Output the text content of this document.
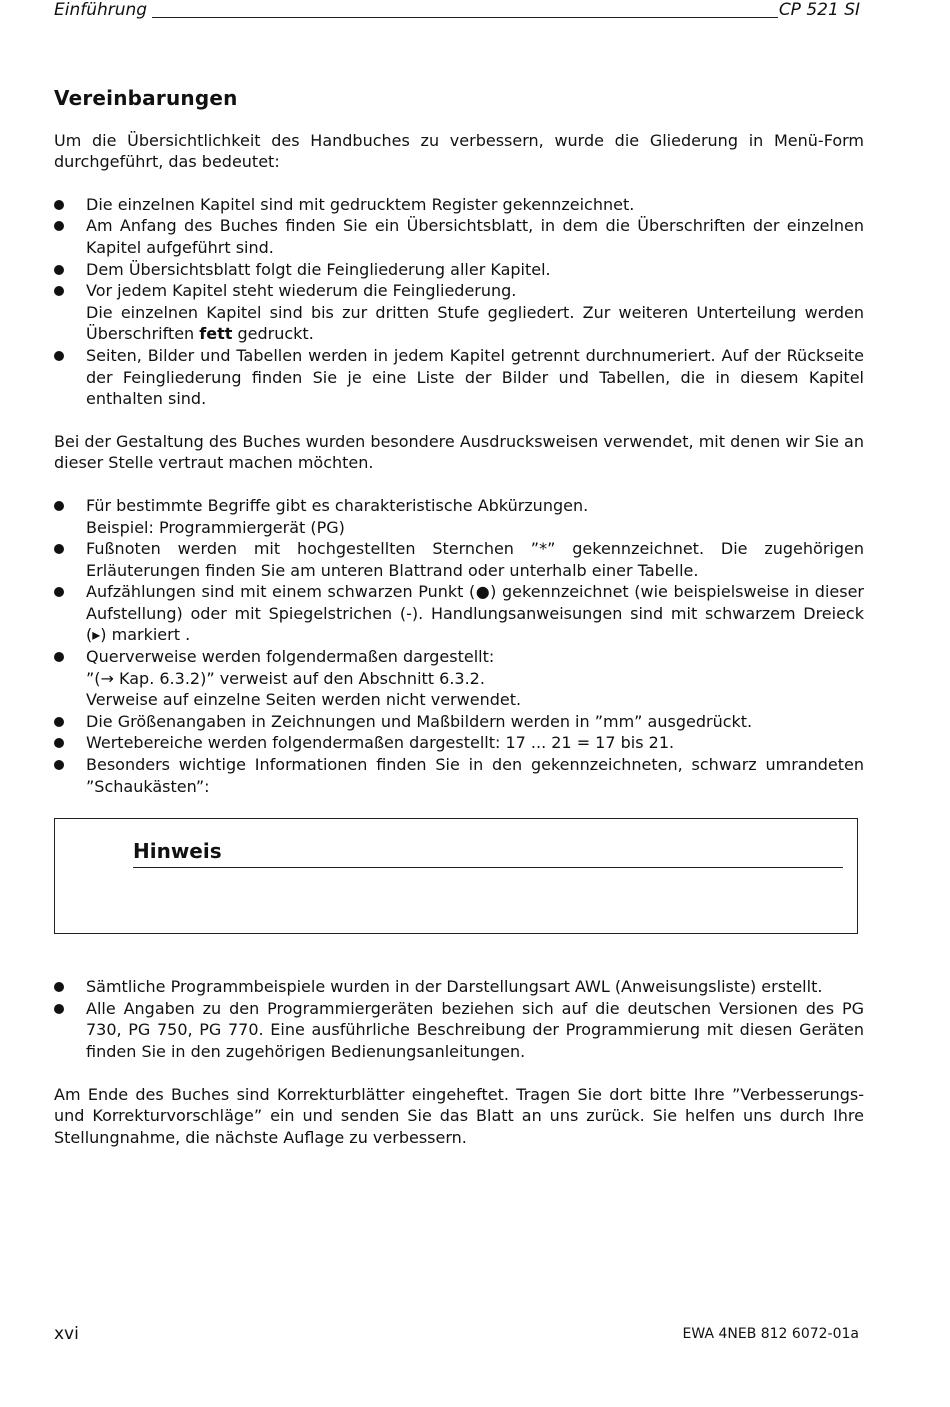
Einführung	CP 521 SI
Vereinbarungen

Um die Übersichtlichkeit des Handbuches zu verbessern, wurde die Gliederung in Menü-Form durchgeführt, das bedeutet:

Die einzelnen Kapitel sind mit gedrucktem Register gekennzeichnet.
Am Anfang des Buches finden Sie ein Übersichtsblatt, in dem die Überschriften der einzelnen Kapitel aufgeführt sind.
Dem Übersichtsblatt folgt die Feingliederung aller Kapitel.
Vor jedem Kapitel steht wiederum die Feingliederung.
Die einzelnen Kapitel sind bis zur dritten Stufe gegliedert. Zur weiteren Unterteilung werden Überschriften fett gedruckt.
Seiten, Bilder und Tabellen werden in jedem Kapitel getrennt durchnumeriert. Auf der Rückseite der Feingliederung finden Sie je eine Liste der Bilder und Tabellen, die in diesem Kapitel enthalten sind.

Bei der Gestaltung des Buches wurden besondere Ausdrucksweisen verwendet, mit denen wir Sie an dieser Stelle vertraut machen möchten.

Für bestimmte Begriffe gibt es charakteristische Abkürzungen.
Beispiel: Programmiergerät (PG)
Fußnoten werden mit hochgestellten Sternchen ”*” gekennzeichnet. Die zugehörigen Erläuterungen finden Sie am unteren Blattrand oder unterhalb einer Tabelle.
Aufzählungen sind mit einem schwarzen Punkt (●) gekennzeichnet (wie beispielsweise in dieser Aufstellung) oder mit Spiegelstrichen (-). Handlungsanweisungen sind mit schwarzem Dreieck (▸) markiert .
Querverweise werden folgendermaßen dargestellt:
”(→ Kap. 6.3.2)” verweist auf den Abschnitt 6.3.2.
Verweise auf einzelne Seiten werden nicht verwendet.
Die Größenangaben in Zeichnungen und Maßbildern werden in ”mm” ausgedrückt.
Wertebereiche werden folgendermaßen dargestellt: 17 ... 21 = 17 bis 21.
Besonders wichtige Informationen finden Sie in den gekennzeichneten, schwarz umrandeten ”Schaukästen”:
Hinweis
Sämtliche Programmbeispiele wurden in der Darstellungsart AWL (Anweisungsliste) erstellt.
Alle Angaben zu den Programmiergeräten beziehen sich auf die deutschen Versionen des PG 730, PG 750, PG 770. Eine ausführliche Beschreibung der Programmierung mit diesen Geräten finden Sie in den zugehörigen Bedienungsanleitungen.

Am Ende des Buches sind Korrekturblätter eingeheftet. Tragen Sie dort bitte Ihre ”Verbesserungs- und Korrekturvorschläge” ein und senden Sie das Blatt an uns zurück. Sie helfen uns durch Ihre Stellungnahme, die nächste Auflage zu verbessern.

xvi	EWA 4NEB 812 6072-01a
